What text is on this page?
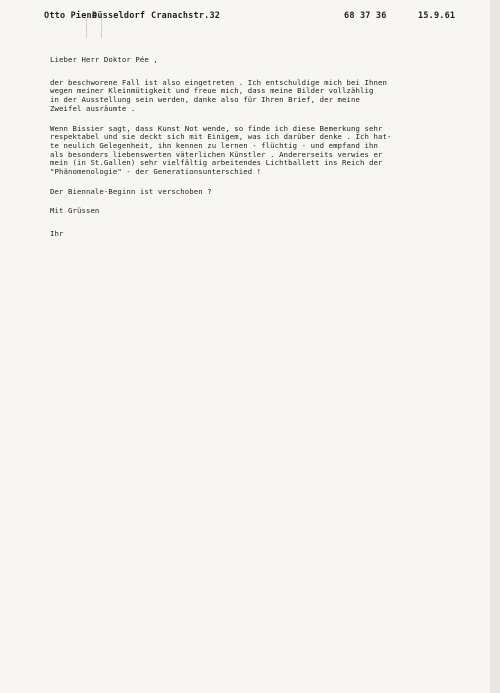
Otto Piene
Düsseldorf Cranachstr.32	68 37 36	15.9.61

Lieber Herr Doktor Pée ,

der beschworene Fall ist also eingetreten . Ich entschuldige mich bei Ihnen
wegen meiner Kleinmütigkeit und freue mich, dass meine Bilder vollzählig
in der Ausstellung sein werden, danke also für Ihren Brief, der meine
Zweifel ausräumte .

Wenn Bissier sagt, dass Kunst Not wende, so finde ich diese Bemerkung sehr
respektabel und sie deckt sich mit Einigem, was ich darüber denke . Ich hat-
te neulich Gelegenheit, ihn kennen zu lernen - flüchtig - und empfand ihn
als besonders liebenswerten väterlichen Künstler . Andererseits verwies er
mein (in St.Gallen) sehr vielfältig arbeitendes Lichtballett ins Reich der
"Phänomenologie" - der Generationsunterschied !

Der Biennale-Beginn ist verschoben ?

Mit Grüssen

Ihr
